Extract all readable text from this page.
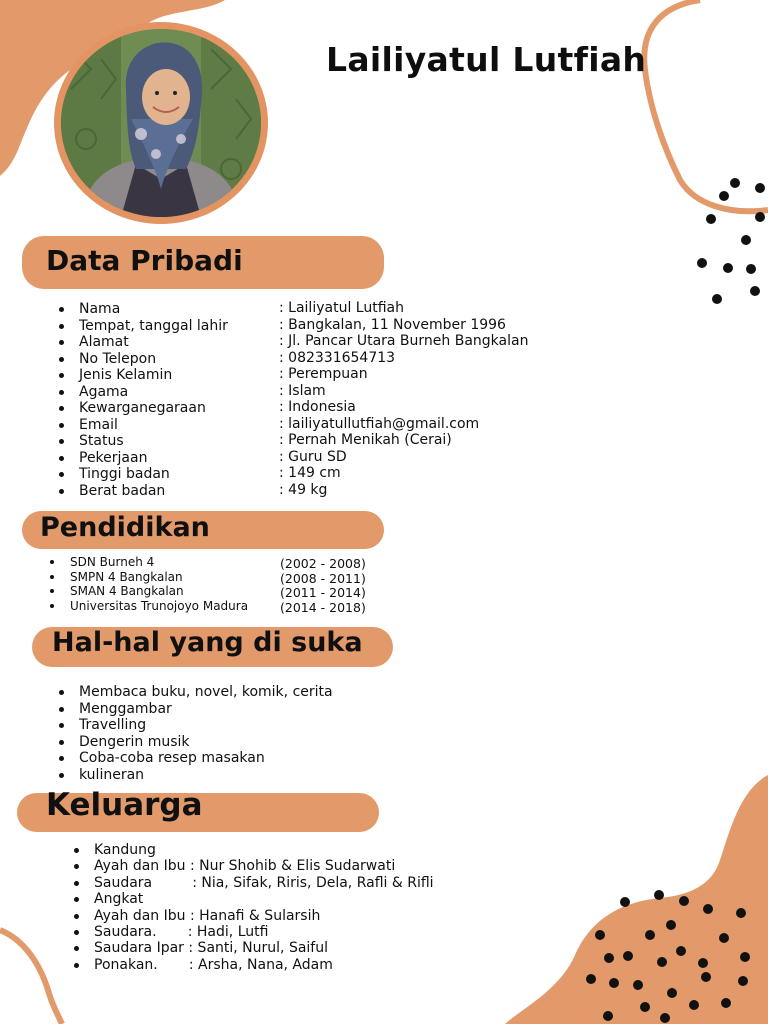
Lailiyatul Lutfiah
Data Pribadi
Nama
Tempat, tanggal lahir
Alamat
No Telepon
Jenis Kelamin
Agama
Kewarganegaraan
Email
Status
Pekerjaan
Tinggi badan
Berat badan
: Lailiyatul Lutfiah
: Bangkalan, 11 November 1996
: Jl. Pancar Utara Burneh Bangkalan
: 082331654713
: Perempuan
: Islam
: Indonesia
: lailiyatullutfiah@gmail.com
: Pernah Menikah (Cerai)
: Guru SD
: 149 cm
: 49 kg
Pendidikan
SDN Burneh 4
SMPN 4 Bangkalan
SMAN 4 Bangkalan
Universitas Trunojoyo Madura
(2002 - 2008)
(2008 - 2011)
(2011 - 2014)
(2014 - 2018)
Hal-hal yang di suka
Membaca buku, novel, komik, cerita
Menggambar
Travelling
Dengerin musik
Coba-coba resep masakan
kulineran
Keluarga
Kandung
Ayah dan Ibu : Nur Shohib & Elis Sudarwati
Saudara         : Nia, Sifak, Riris, Dela, Rafli & Rifli
Angkat
Ayah dan Ibu : Hanafi & Sularsih
Saudara.       : Hadi, Lutfi
Saudara Ipar : Santi, Nurul, Saiful
Ponakan.       : Arsha, Nana, Adam
